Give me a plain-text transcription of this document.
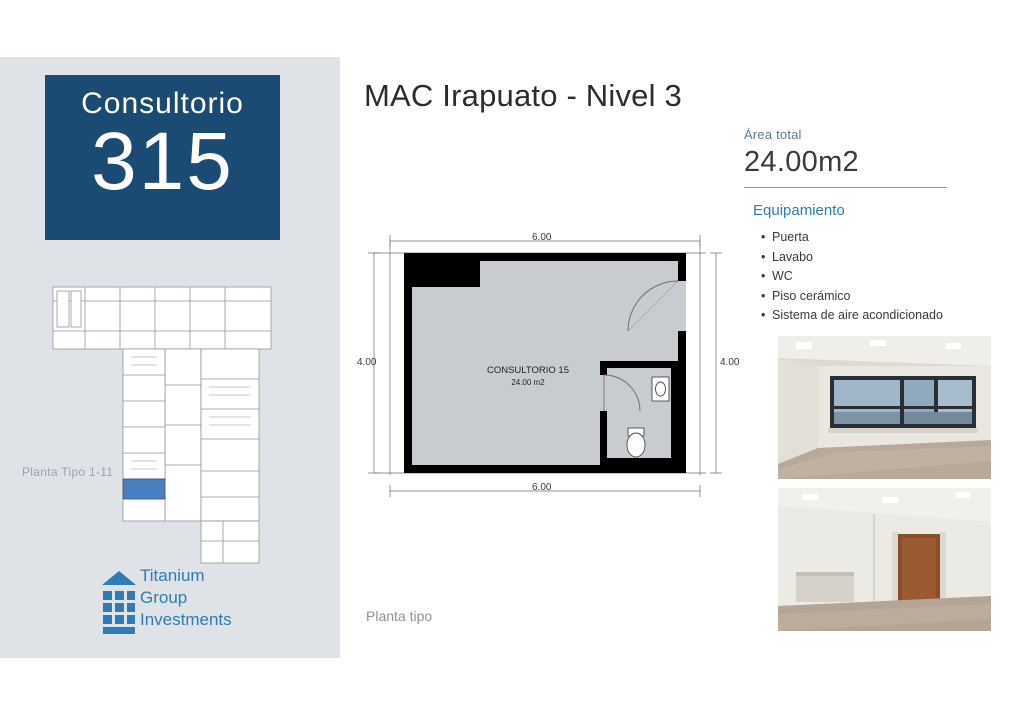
Consultorio
315
Planta Tipo 1-11
Titanium
Group
Investments
MAC Irapuato - Nivel 3
Área total
24.00m2
Equipamiento
• Puerta
• Lavabo
• WC
• Piso cerámico
• Sistema de aire acondicionado
CONSULTORIO 15
24.00 m2
6.00
6.00
4.00	4.00
Planta tipo
